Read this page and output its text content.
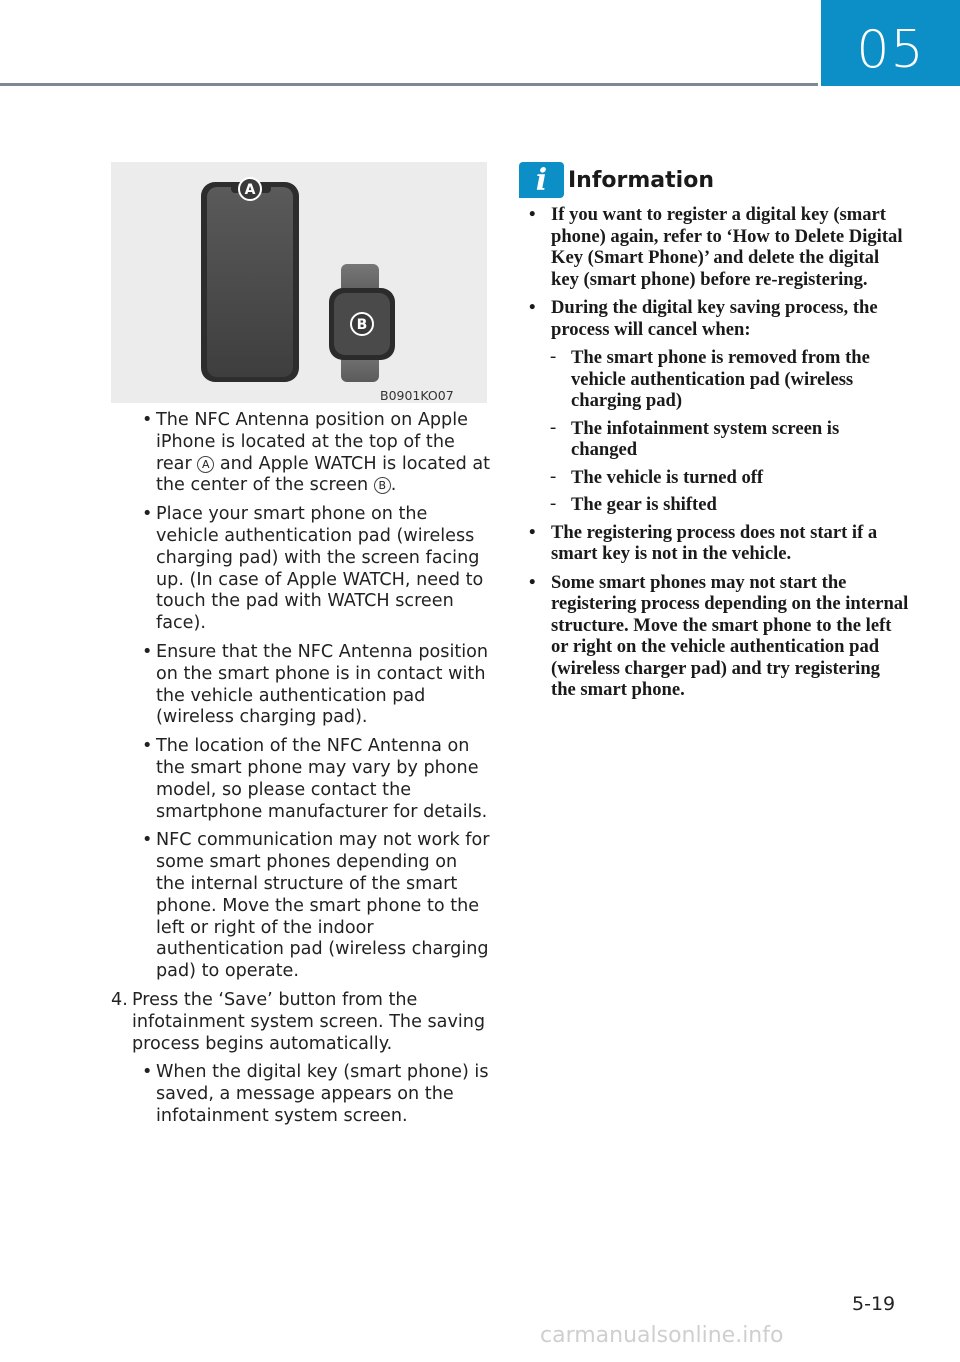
05
A
B
B0901KO07
• The NFC Antenna position on Apple iPhone is located at the top of the rear A and Apple WATCH is located at the center of the screen B .
• Place your smart phone on the vehicle authentication pad (wireless charging pad) with the screen facing up. (In case of Apple WATCH, need to touch the pad with WATCH screen face).
• Ensure that the NFC Antenna position on the smart phone is in contact with the vehicle authentication pad (wireless charging pad).
• The location of the NFC Antenna on the smart phone may vary by phone model, so please contact the smartphone manufacturer for details.
• NFC communication may not work for some smart phones depending on the internal structure of the smart phone. Move the smart phone to the left or right of the indoor authentication pad (wireless charging pad) to operate.
4. Press the ‘Save’ button from the infotainment system screen. The saving process begins automatically.
• When the digital key (smart phone) is saved, a message appears on the infotainment system screen.
i Information
• If you want to register a digital key (smart phone) again, refer to ‘How to Delete Digital Key (Smart Phone)’ and delete the digital key (smart phone) before re-registering.
• During the digital key saving process, the process will cancel when:
- The smart phone is removed from the vehicle authentication pad (wireless charging pad)
- The infotainment system screen is changed
- The vehicle is turned off
- The gear is shifted
• The registering process does not start if a smart key is not in the vehicle.
• Some smart phones may not start the registering process depending on the internal structure. Move the smart phone to the left or right on the vehicle authentication pad (wireless charger pad) and try registering the smart phone.
5-19
carmanualsonline.info
